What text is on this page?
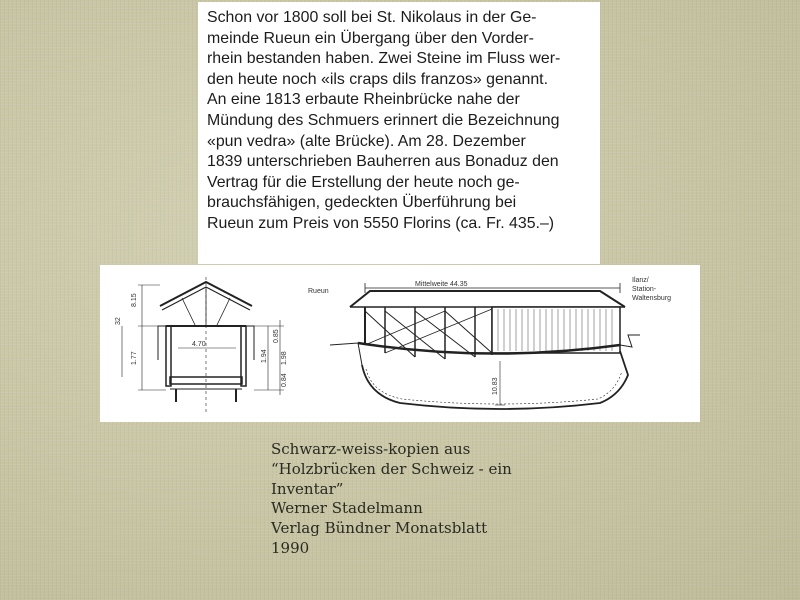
Schon vor 1800 soll bei St. Nikolaus in der Ge-
meinde Rueun ein Übergang über den Vorder-
rhein bestanden haben. Zwei Steine im Fluss wer-
den heute noch «ils craps dils franzos» genannt.
An eine 1813 erbaute Rheinbrücke nahe der
Mündung des Schmuers erinnert die Bezeichnung
«pun vedra» (alte Brücke). Am 28. Dezember
1839 unterschrieben Bauherren aus Bonaduz den
Vertrag für die Erstellung der heute noch ge-
brauchsfähigen, gedeckten Überführung bei
Rueun zum Preis von 5550 Florins (ca. Fr. 435.–)

8.15
32
1.77
4.70
1.94
0.85
1.98
0.84
Rueun
Mittelweite 44.35
Ilanz/
Station-
Waltensburg
10.83
Schwarz-weiss-kopien aus
“Holzbrücken der Schweiz - ein
Inventar”
Werner Stadelmann
Verlag Bündner Monatsblatt
1990
